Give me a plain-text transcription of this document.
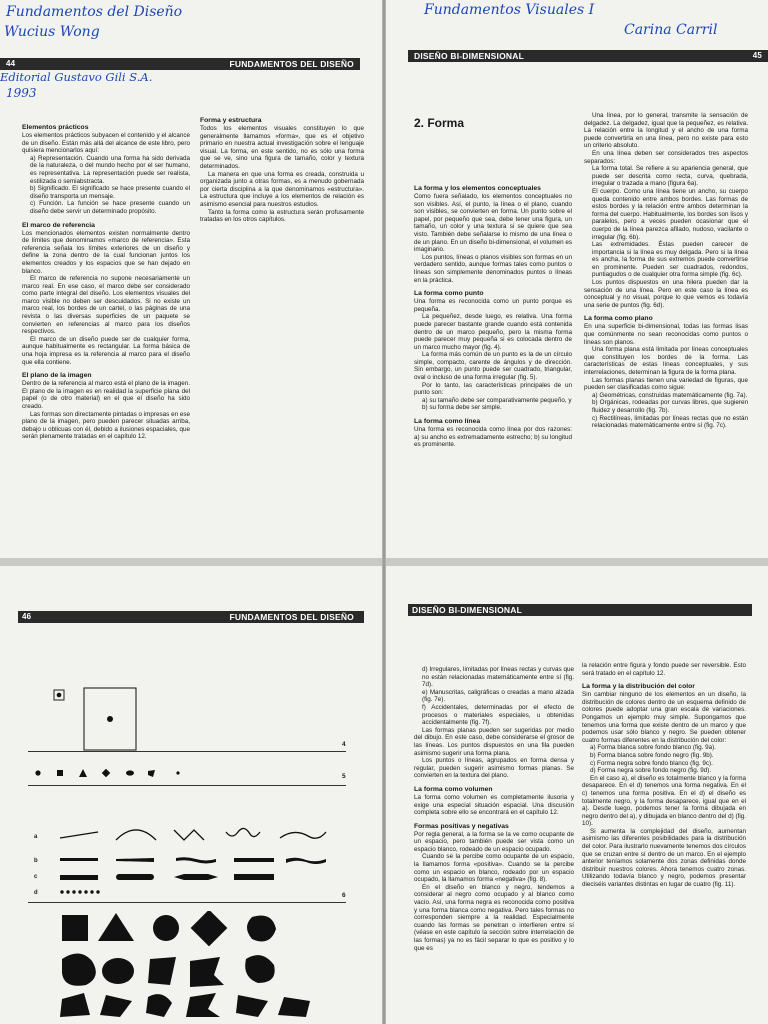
Fundamentos del Diseño
Wucius Wong
44	FUNDAMENTOS DEL DISEÑO
Editorial Gustavo Gili S.A.
1993
Elementos prácticos

Los elementos prácticos subyacen el contenido y el alcance de un diseño. Están más allá del alcance de este libro, pero quisiera mencionarlos aquí:

a) Representación. Cuando una forma ha sido derivada de la naturaleza, o del mundo hecho por el ser humano, es representativa. La representación puede ser realista, estilizada o semiabstracta.

b) Significado. El significado se hace presente cuando el diseño transporta un mensaje.

c) Función. La función se hace presente cuando un diseño debe servir un determinado propósito.

El marco de referencia

Los mencionados elementos existen normalmente dentro de límites que denominamos «marco de referencia». Esta referencia señala los límites exteriores de un diseño y define la zona dentro de la cual funcionan juntos los elementos creados y los espacios que se han dejado en blanco.

El marco de referencia no supone necesariamente un marco real. En ese caso, el marco debe ser considerado como parte integral del diseño. Los elementos visuales del marco visible no deben ser descuidados. Si no existe un marco real, los bordes de un cartel, o las páginas de una revista o las diversas superficies de un paquete se convierten en referencias al marco para los diseños respectivos.

El marco de un diseño puede ser de cualquier forma, aunque habitualmente es rectangular. La forma básica de una hoja impresa es la referencia al marco para el diseño que ella contiene.

El plano de la imagen

Dentro de la referencia al marco está el plano de la imagen. El plano de la imagen es en realidad la superficie plana del papel (o de otro material) en el que el diseño ha sido creado.

Las formas son directamente pintadas o impresas en ese plano de la imagen, pero pueden parecer situadas arriba, debajo u oblicuas con él, debido a ilusiones espaciales, que serán plenamente tratadas en el capítulo 12.

Forma y estructura

Todos los elementos visuales constituyen lo que generalmente llamamos «forma», que es el objetivo primario en nuestra actual investigación sobre el lenguaje visual. La forma, en este sentido, no es sólo una forma que se ve, sino una figura de tamaño, color y textura determinados.

La manera en que una forma es creada, construida u organizada junto a otras formas, es a menudo gobernada por cierta disciplina a la que denominamos «estructura». La estructura que incluye a los elementos de relación es asimismo esencial para nuestros estudios.

Tanto la forma como la estructura serán profusamente tratadas en los otros capítulos.

Fundamentos Visuales I
Carina Carril
DISEÑO BI-DIMENSIONAL	45
2. Forma
La forma y los elementos conceptuales

Como fuera señalado, los elementos conceptuales no son visibles. Así, el punto, la línea o el plano, cuando son visibles, se convierten en forma. Un punto sobre el papel, por pequeño que sea, debe tener una figura, un tamaño, un color y una textura si se quiere que sea visto. También debe señalarse lo mismo de una línea o de un plano. En un diseño bi-dimensional, el volumen es imaginario.

Los puntos, líneas o planos visibles son formas en un verdadero sentido, aunque formas tales como puntos o líneas son simplemente denominados puntos o líneas en la práctica.

La forma como punto

Una forma es reconocida como un punto porque es pequeña.

La pequeñez, desde luego, es relativa. Una forma puede parecer bastante grande cuando está contenida dentro de un marco pequeño, pero la misma forma puede parecer muy pequeña si es colocada dentro de un marco mucho mayor (fig. 4).

La forma más común de un punto es la de un círculo simple, compacto, carente de ángulos y de dirección. Sin embargo, un punto puede ser cuadrado, triangular, oval o incluso de una forma irregular (fig. 5).

Por lo tanto, las características principales de un punto son:

a) su tamaño debe ser comparativamente pequeño, y

b) su forma debe ser simple.

La forma como línea

Una forma es reconocida como línea por dos razones: a) su ancho es extremadamente estrecho; b) su longitud es prominente.

Una línea, por lo general, transmite la sensación de delgadez. La delgadez, igual que la pequeñez, es relativa. La relación entre la longitud y el ancho de una forma puede convertirla en una línea, pero no existe para esto un criterio absoluto.

En una línea deben ser considerados tres aspectos separados:

La forma total. Se refiere a su apariencia general, que puede ser descrita como recta, curva, quebrada, irregular o trazada a mano (figura 6a).

El cuerpo. Como una línea tiene un ancho, su cuerpo queda contenido entre ambos bordes. Las formas de estos bordes y la relación entre ambos determinan la forma del cuerpo. Habitualmente, los bordes son lisos y paralelos, pero a veces pueden ocasionar que el cuerpo de la línea parezca afilado, nudoso, vacilante o irregular (fig. 6b).

Las extremidades. Éstas pueden carecer de importancia si la línea es muy delgada. Pero si la línea es ancha, la forma de sus extremos puede convertirse en prominente. Pueden ser cuadrados, redondos, puntiagudos o de cualquier otra forma simple (fig. 6c).

Los puntos dispuestos en una hilera pueden dar la sensación de una línea. Pero en este caso la línea es conceptual y no visual, porque lo que vemos es todavía una serie de puntos (fig. 6d).

La forma como plano

En una superficie bi-dimensional, todas las formas lisas que comúnmente no sean reconocidas como puntos o líneas son planos.

Una forma plana está limitada por líneas conceptuales que constituyen los bordes de la forma. Las características de estas líneas conceptuales, y sus interrelaciones, determinan la figura de la forma plana.

Las formas planas tienen una variedad de figuras, que pueden ser clasificadas como sigue:

a) Geométricas, construidas matemáticamente (fig. 7a).

b) Orgánicas, rodeadas por curvas libres, que sugieren fluidez y desarrollo (fig. 7b).

c) Rectilíneas, limitadas por líneas rectas que no están relacionadas matemáticamente entre sí (fig. 7c).

46	FUNDAMENTOS DEL DISEÑO
4
5
a
b
c
d	6
DISEÑO BI-DIMENSIONAL

d) Irregulares, limitadas por líneas rectas y curvas que no están relacionadas matemáticamente entre sí (fig. 7d).

e) Manuscritas, caligráficas o creadas a mano alzada (fig. 7e).

f) Accidentales, determinadas por el efecto de procesos o materiales especiales, u obtenidas accidentalmente (fig. 7f).

Las formas planas pueden ser sugeridas por medio del dibujo. En este caso, debe considerarse el grosor de las líneas. Los puntos dispuestos en una fila pueden asimismo sugerir una forma plana.

Los puntos o líneas, agrupados en forma densa y regular, pueden sugerir asimismo formas planas. Se convierten en la textura del plano.

La forma como volumen

La forma como volumen es completamente ilusoria y exige una especial situación espacial. Una discusión completa sobre ello se encontrará en el capítulo 12.

Formas positivas y negativas

Por regla general, a la forma se la ve como ocupante de un espacio, pero también puede ser vista como un espacio blanco, rodeado de un espacio ocupado.

Cuando se la percibe como ocupante de un espacio, la llamamos forma «positiva». Cuando se la percibe como un espacio en blanco, rodeado por un espacio ocupado, la llamamos forma «negativa» (fig. 8).

En el diseño en blanco y negro, tendemos a considerar al negro como ocupado y al blanco como vacío. Así, una forma negra es reconocida como positiva y una forma blanca como negativa. Pero tales formas no corresponden siempre a la realidad. Especialmente cuando las formas se penetran o interfieren entre sí (véase en este capítulo la sección sobre interrelación de las formas) ya no es fácil separar lo que es positivo y lo que es

la relación entre figura y fondo puede ser reversible. Esto será tratado en el capítulo 12.

La forma y la distribución del color

Sin cambiar ninguno de los elementos en un diseño, la distribución de colores dentro de un esquema definido de colores puede adoptar una gran escala de variaciones. Pongamos un ejemplo muy simple. Supongamos que tenemos una forma que existe dentro de un marco y que podemos usar sólo blanco y negro. Se pueden obtener cuatro formas diferentes en la distribución del color:

a) Forma blanca sobre fondo blanco (fig. 9a).

b) Forma blanca sobre fondo negro (fig. 9b).

c) Forma negra sobre fondo blanco (fig. 9c).

d) Forma negra sobre fondo negro (fig. 9d).

En el caso a), el diseño es totalmente blanco y la forma desaparece. En el d) tenemos una forma negativa. En el c) tenemos una forma positiva. En el d) el diseño es totalmente negro, y la forma desaparece, igual que en el a). Desde luego, podemos tener la forma dibujada en negro dentro del a), y dibujada en blanco dentro del d) (fig. 10).

Si aumenta la complejidad del diseño, aumentan asimismo las diferentes posibilidades para la distribución del color. Para ilustrarlo nuevamente tenemos dos círculos que se cruzan entre sí dentro de un marco. En el ejemplo anterior teníamos solamente dos zonas definidas donde distribuir nuestros colores. Ahora tenemos cuatro zonas. Utilizando todavía blanco y negro, podemos presentar dieciséis variantes distintas en lugar de cuatro (fig. 11).
